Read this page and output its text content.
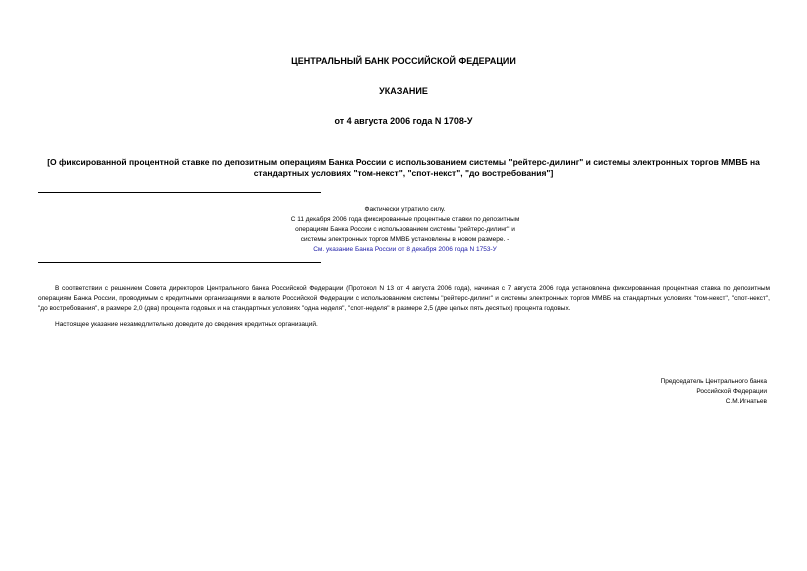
ЦЕНТРАЛЬНЫЙ БАНК РОССИЙСКОЙ ФЕДЕРАЦИИ
УКАЗАНИЕ
от 4 августа 2006 года N 1708-У
[О фиксированной процентной ставке по депозитным операциям Банка России с использованием системы "рейтерс-дилинг" и системы электронных торгов ММВБ на стандартных условиях "том-некст", "спот-некст", "до востребования"]
Фактически утратило силу.
С 11 декабря 2006 года фиксированные процентные ставки по депозитным
операциям Банка России с использованием системы "рейтерс-дилинг" и
системы электронных торгов ММВБ установлены в новом размере. -
См. указание Банка России от 8 декабря 2006 года N 1753-У

В соответствии с решением Совета директоров Центрального банка Российской Федерации (Протокол N 13 от 4 августа 2006 года), начиная с 7 августа 2006 года установлена фиксированная процентная ставка по депозитным операциям Банка России, проводимым с кредитными организациями в валюте Российской Федерации с использованием системы "рейтерс-дилинг" и системы электронных торгов ММВБ на стандартных условиях "том-некст", "спот-некст", "до востребования", в размере 2,0 (два) процента годовых и на стандартных условиях "одна неделя", "спот-неделя" в размере 2,5 (две целых пять десятых) процента годовых.

Настоящее указание незамедлительно доведите до сведения кредитных организаций.

Председатель Центрального банка
Российской Федерации
С.М.Игнатьев
